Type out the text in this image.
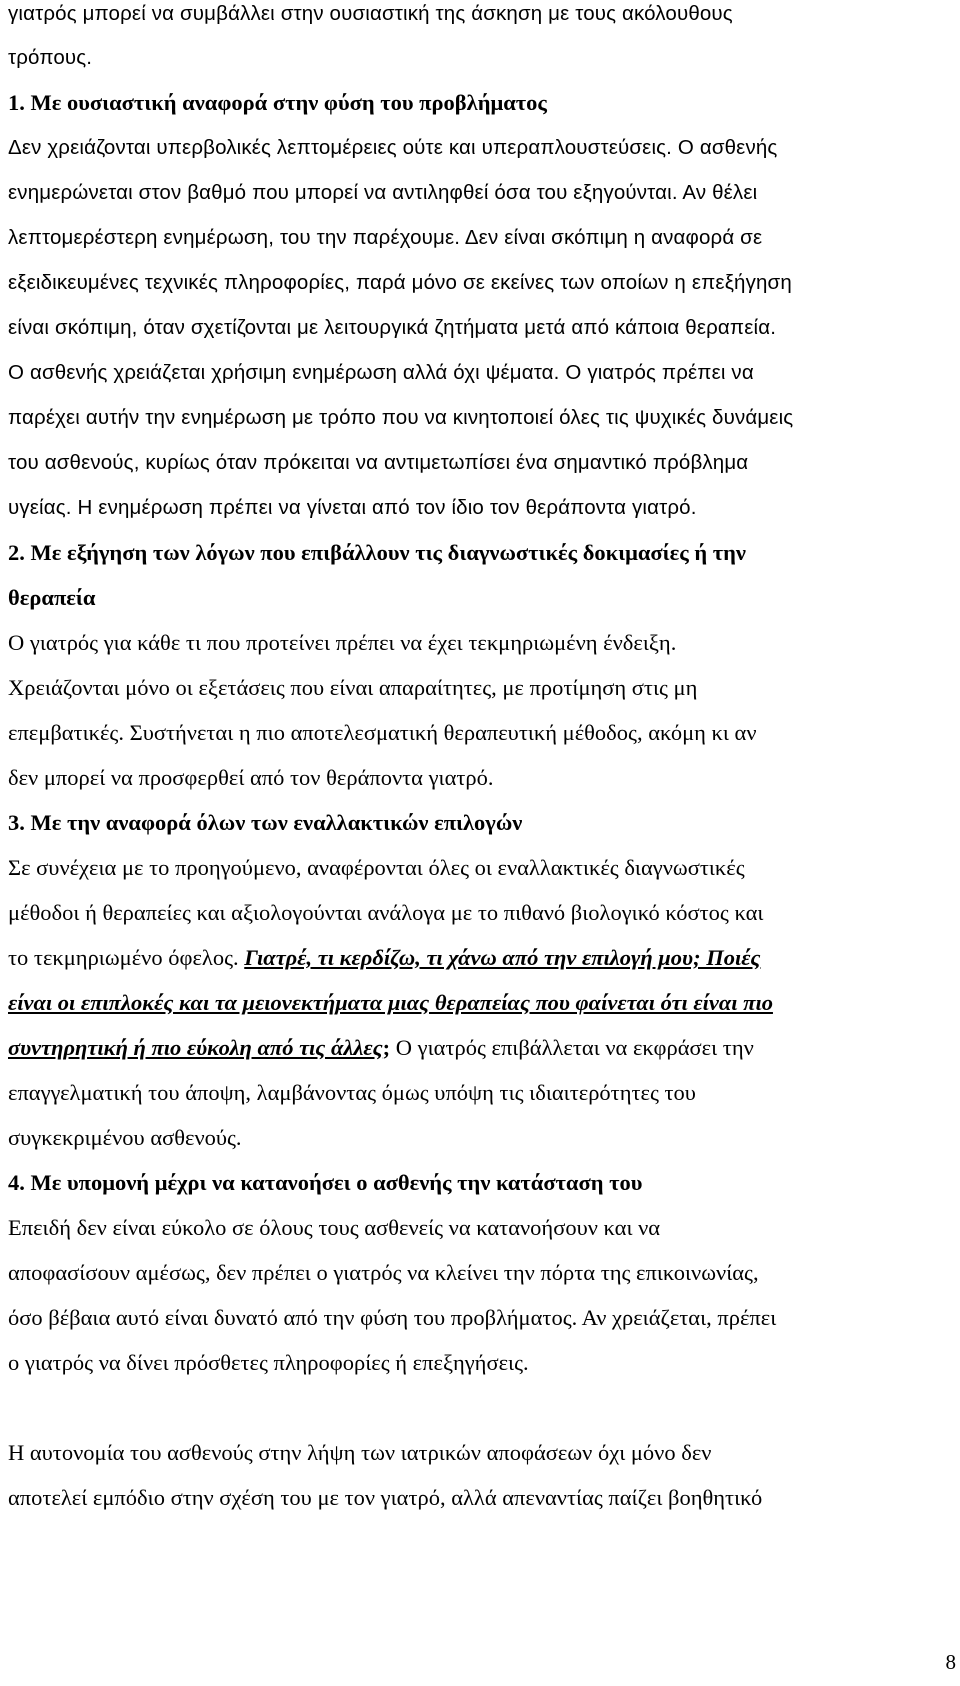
γιατρός μπορεί να συμβάλλει στην ουσιαστική της άσκηση με τους ακόλουθους
τρόπους.
1. Με ουσιαστική αναφορά στην φύση του προβλήματος
Δεν χρειάζονται υπερβολικές λεπτομέρειες ούτε και υπεραπλουστεύσεις. Ο ασθενής
ενημερώνεται στον βαθμό που μπορεί να αντιληφθεί όσα του εξηγούνται. Αν θέλει
λεπτομερέστερη ενημέρωση, του την παρέχουμε. Δεν είναι σκόπιμη η αναφορά σε
εξειδικευμένες τεχνικές πληροφορίες, παρά μόνο σε εκείνες των οποίων η επεξήγηση
είναι σκόπιμη, όταν σχετίζονται με λειτουργικά ζητήματα μετά από κάποια θεραπεία.
Ο ασθενής χρειάζεται χρήσιμη ενημέρωση αλλά όχι ψέματα. Ο γιατρός πρέπει να
παρέχει αυτήν την ενημέρωση με τρόπο που να κινητοποιεί όλες τις ψυχικές δυνάμεις
του ασθενούς, κυρίως όταν πρόκειται να αντιμετωπίσει ένα σημαντικό πρόβλημα
υγείας. Η ενημέρωση πρέπει να γίνεται από τον ίδιο τον θεράποντα γιατρό.
2. Με εξήγηση των λόγων που επιβάλλουν τις διαγνωστικές δοκιμασίες ή την
θεραπεία
Ο γιατρός για κάθε τι που προτείνει πρέπει να έχει τεκμηριωμένη ένδειξη.
Χρειάζονται μόνο οι εξετάσεις που είναι απαραίτητες, με προτίμηση στις μη
επεμβατικές. Συστήνεται η πιο αποτελεσματική θεραπευτική μέθοδος, ακόμη κι αν
δεν μπορεί να προσφερθεί από τον θεράποντα γιατρό.
3. Με την αναφορά όλων των εναλλακτικών επιλογών
Σε συνέχεια με το προηγούμενο, αναφέρονται όλες οι εναλλακτικές διαγνωστικές
μέθοδοι ή θεραπείες και αξιολογούνται ανάλογα με το πιθανό βιολογικό κόστος και
το τεκμηριωμένο όφελος. Γιατρέ, τι κερδίζω, τι χάνω από την επιλογή μου; Ποιές
είναι οι επιπλοκές και τα μειονεκτήματα μιας θεραπείας που φαίνεται ότι είναι πιο
συντηρητική ή πιο εύκολη από τις άλλες; Ο γιατρός επιβάλλεται να εκφράσει την
επαγγελματική του άποψη, λαμβάνοντας όμως υπόψη τις ιδιαιτερότητες του
συγκεκριμένου ασθενούς.
4. Με υπομονή μέχρι να κατανοήσει ο ασθενής την κατάσταση του
Επειδή δεν είναι εύκολο σε όλους τους ασθενείς να κατανοήσουν και να
αποφασίσουν αμέσως, δεν πρέπει ο γιατρός να κλείνει την πόρτα της επικοινωνίας,
όσο βέβαια αυτό είναι δυνατό από την φύση του προβλήματος. Αν χρειάζεται, πρέπει
ο γιατρός να δίνει πρόσθετες πληροφορίες ή επεξηγήσεις.
Η αυτονομία του ασθενούς στην λήψη των ιατρικών αποφάσεων όχι μόνο δεν
αποτελεί εμπόδιο στην σχέση του με τον γιατρό, αλλά απεναντίας παίζει βοηθητικό
8
